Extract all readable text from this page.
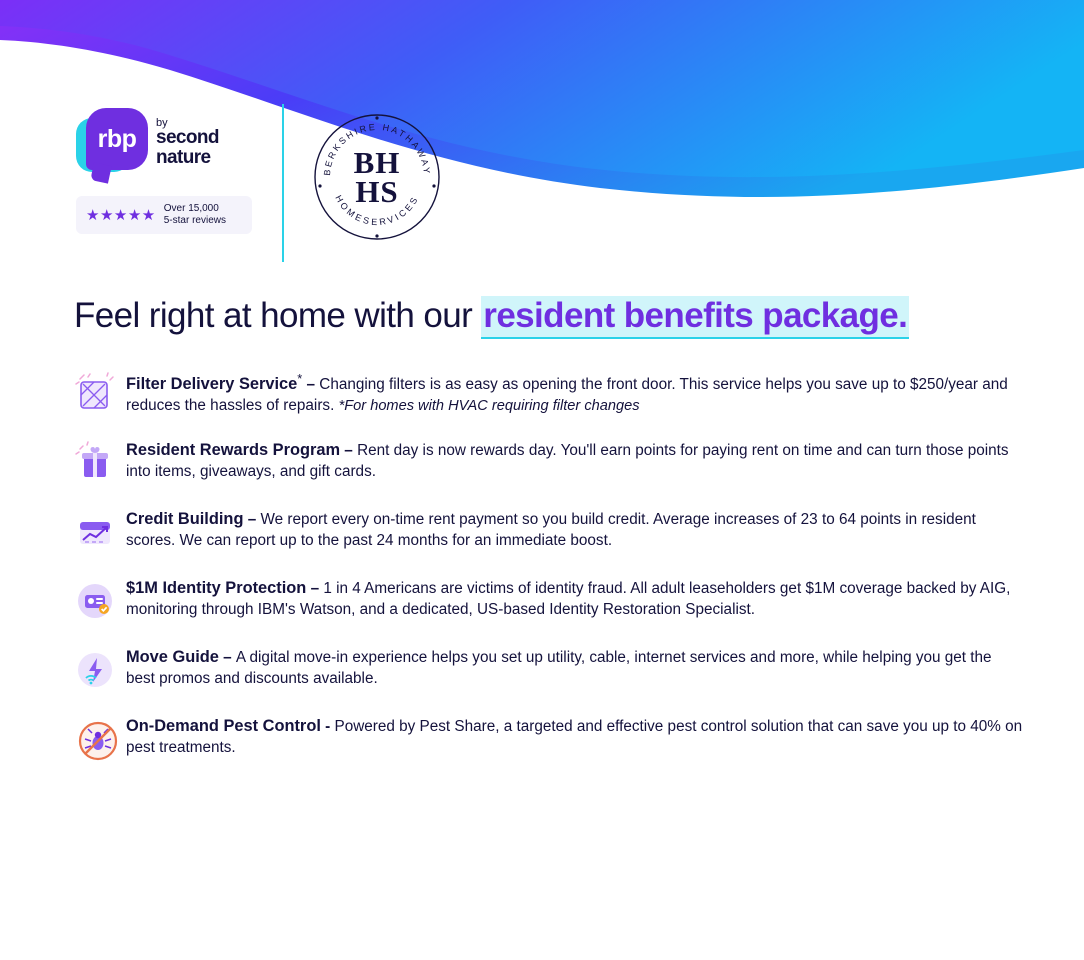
rbp
by
second
nature
★★★★★ Over 15,000
5-star reviews
BERKSHIRE HATHAWAY
HOMESERVICES
BH
HS
Feel right at home with our resident benefits package.
Filter Delivery Service* – Changing filters is as easy as opening the front door. This service helps you save up to $250/year and reduces the hassles of repairs. *For homes with HVAC requiring filter changes
Resident Rewards Program – Rent day is now rewards day. You'll earn points for paying rent on time and can turn those points into items, giveaways, and gift cards.
Credit Building – We report every on-time rent payment so you build credit. Average increases of 23 to 64 points in resident scores. We can report up to the past 24 months for an immediate boost.
$1M Identity Protection – 1 in 4 Americans are victims of identity fraud. All adult leaseholders get $1M coverage backed by AIG, monitoring through IBM's Watson, and a dedicated, US-based Identity Restoration Specialist.
Move Guide – A digital move-in experience helps you set up utility, cable, internet services and more, while helping you get the best promos and discounts available.
On-Demand Pest Control - Powered by Pest Share, a targeted and effective pest control solution that can save you up to 40% on pest treatments.
